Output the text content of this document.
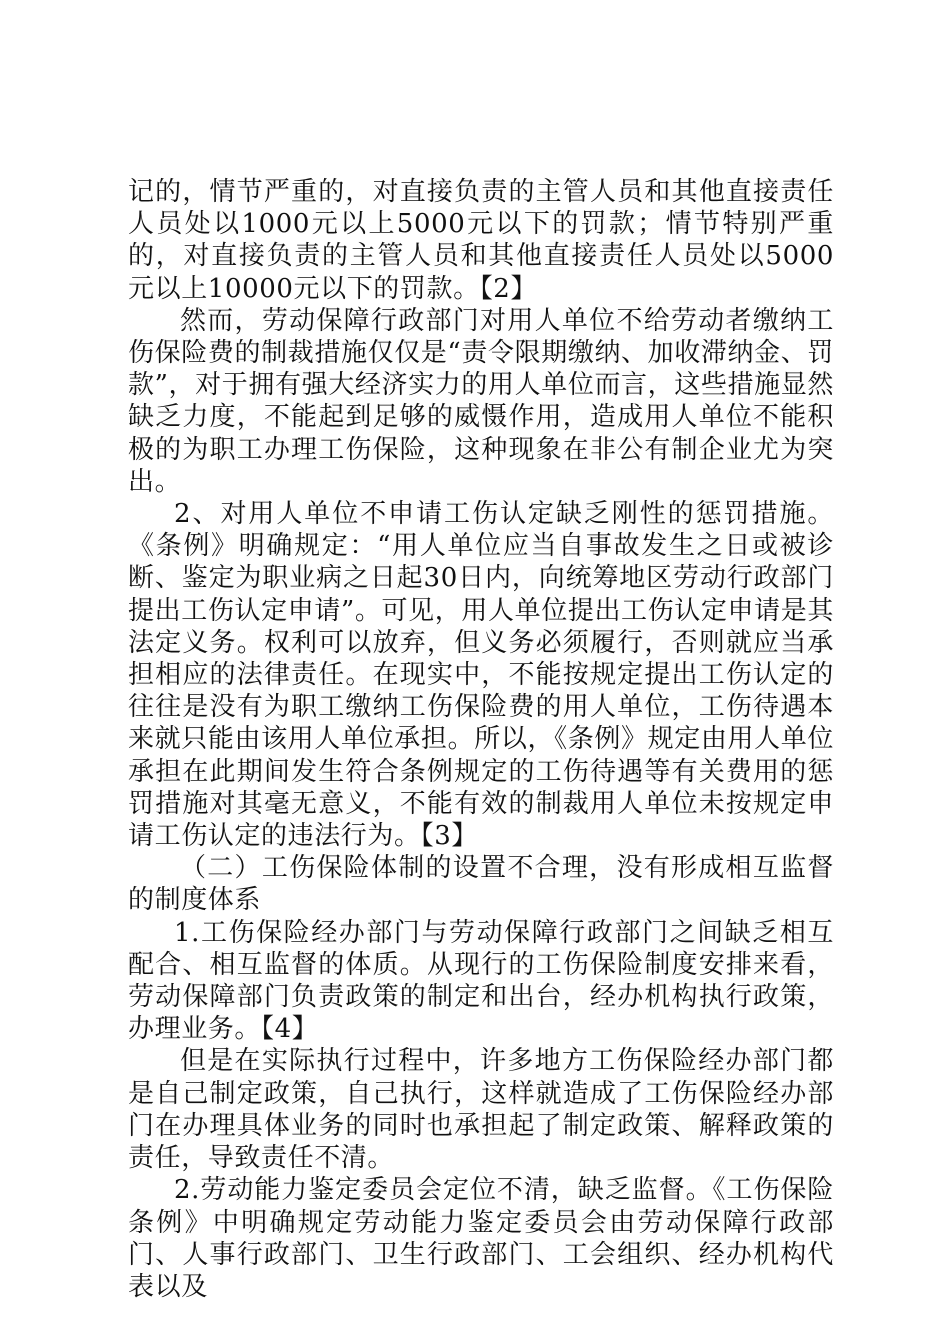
记的，情节严重的，对直接负责的主管人员和其他直接责任人员处以1000元以上5000元以下的罚款；情节特别严重的，对直接负责的主管人员和其他直接责任人员处以5000元以上10000元以下的罚款。【2】

然而，劳动保障行政部门对用人单位不给劳动者缴纳工伤保险费的制裁措施仅仅是“责令限期缴纳、加收滞纳金、罚款”，对于拥有强大经济实力的用人单位而言，这些措施显然缺乏力度，不能起到足够的威慑作用，造成用人单位不能积极的为职工办理工伤保险，这种现象在非公有制企业尤为突出。

2、对用人单位不申请工伤认定缺乏刚性的惩罚措施。《条例》明确规定：“用人单位应当自事故发生之日或被诊断、鉴定为职业病之日起30日内，向统筹地区劳动行政部门提出工伤认定申请”。可见，用人单位提出工伤认定申请是其法定义务。权利可以放弃，但义务必须履行，否则就应当承担相应的法律责任。在现实中，不能按规定提出工伤认定的往往是没有为职工缴纳工伤保险费的用人单位，工伤待遇本来就只能由该用人单位承担。所以，《条例》规定由用人单位承担在此期间发生符合条例规定的工伤待遇等有关费用的惩罚措施对其毫无意义，不能有效的制裁用人单位未按规定申请工伤认定的违法行为。【3】

（二）工伤保险体制的设置不合理，没有形成相互监督的制度体系

1.工伤保险经办部门与劳动保障行政部门之间缺乏相互配合、相互监督的体质。从现行的工伤保险制度安排来看，劳动保障部门负责政策的制定和出台，经办机构执行政策，办理业务。【4】

但是在实际执行过程中，许多地方工伤保险经办部门都是自己制定政策，自己执行，这样就造成了工伤保险经办部门在办理具体业务的同时也承担起了制定政策、解释政策的责任，导致责任不清。

2.劳动能力鉴定委员会定位不清，缺乏监督。《工伤保险条例》中明确规定劳动能力鉴定委员会由劳动保障行政部门、人事行政部门、卫生行政部门、工会组织、经办机构代表以及
